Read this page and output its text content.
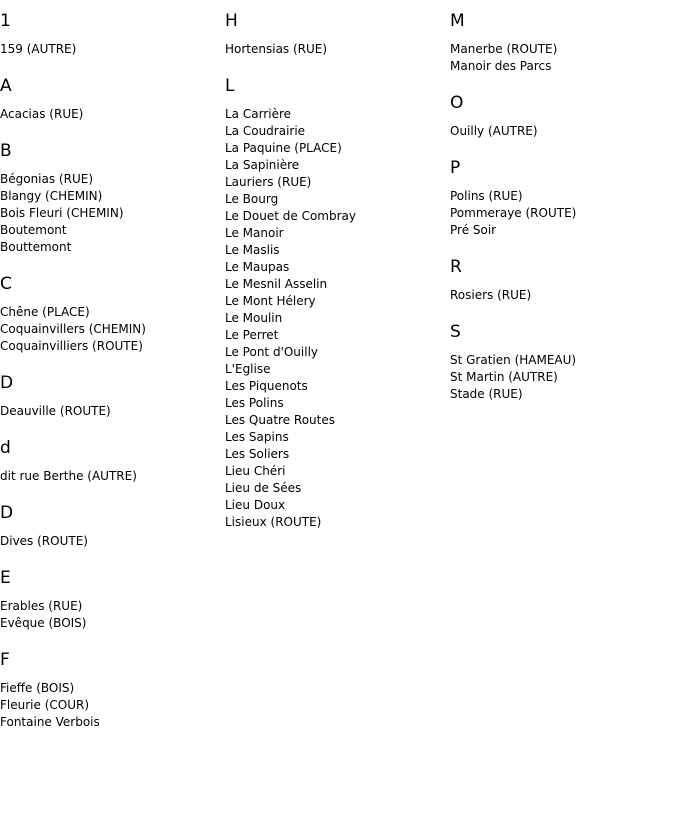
1
159 (AUTRE)
A
Acacias (RUE)
B
Bégonias (RUE)
Blangy (CHEMIN)
Bois Fleuri (CHEMIN)
Boutemont
Bouttemont
C
Chêne (PLACE)
Coquainvillers (CHEMIN)
Coquainvilliers (ROUTE)
D
Deauville (ROUTE)
d
dit rue Berthe (AUTRE)
D
Dives (ROUTE)
E
Erables (RUE)
Evêque (BOIS)
F
Fieffe (BOIS)
Fleurie (COUR)
Fontaine Verbois
H
Hortensias (RUE)
L
La Carrière
La Coudrairie
La Paquine (PLACE)
La Sapinière
Lauriers (RUE)
Le Bourg
Le Douet de Combray
Le Manoir
Le Maslis
Le Maupas
Le Mesnil Asselin
Le Mont Hélery
Le Moulin
Le Perret
Le Pont d'Ouilly
L'Eglise
Les Piquenots
Les Polins
Les Quatre Routes
Les Sapins
Les Soliers
Lieu Chéri
Lieu de Sées
Lieu Doux
Lisieux (ROUTE)
M
Manerbe (ROUTE)
Manoir des Parcs
O
Ouilly (AUTRE)
P
Polins (RUE)
Pommeraye (ROUTE)
Pré Soir
R
Rosiers (RUE)
S
St Gratien (HAMEAU)
St Martin (AUTRE)
Stade (RUE)
